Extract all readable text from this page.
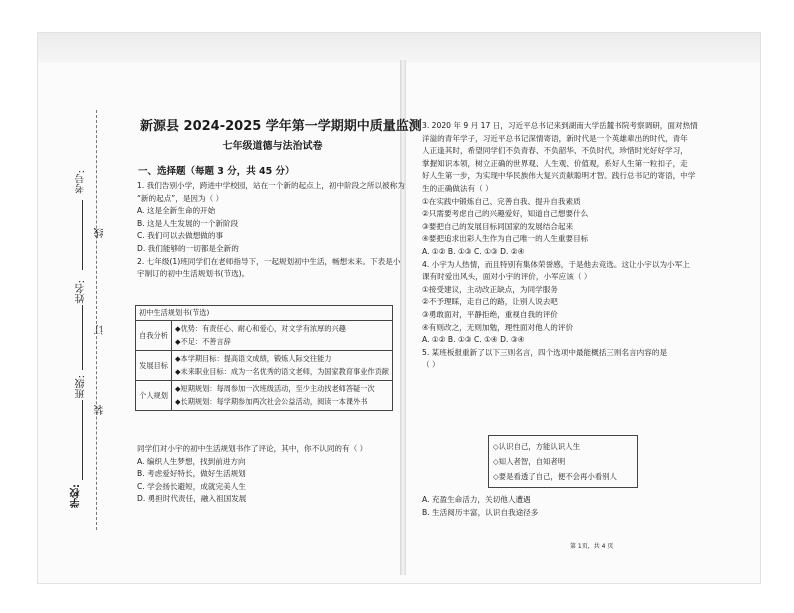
考号:
姓名:
班级:
学校:
线
订
装
新源县 2024-2025 学年第一学期期中质量监测
七年级道德与法治试卷
一、选择题（每题 3 分，共 45 分）

1. 我们告别小学，跨进中学校园，站在一个新的起点上，初中阶段之所以被称为

“新的起点”，是因为（ ）

A. 这是全新生命的开始

B. 这是人生发展的一个新阶段

C. 我们可以去做想做的事

D. 我们能够的一切都是全新的

2. 七年级(1)班同学们在老师指导下，一起规划初中生活，畅想未来。下表是小

宇制订的初中生活规划书(节选)。

初中生活规划书(节选)	
自我分析	◆优势：有责任心、耐心和爱心，对文学有浓厚的兴趣
◆不足：不善言辞

发展目标	◆本学期目标：提高语文成绩，锻炼人际交往能力
◆未来职业目标：成为一名优秀的语文老师，为国家教育事业作贡献

个人规划	◆短期规划：每周参加一次班级活动，至少主动找老师答疑一次
◆长期规划：每学期参加两次社会公益活动，阅读一本课外书

同学们对小宇的初中生活规划书作了评论，其中，你不认同的有（ ）

A. 编织人生梦想，找到前进方向

B. 考虑爱好特长，做好生活规划

C. 学会扬长避短，成就完美人生

D. 勇担时代责任，融入祖国发展

3. 2020 年 9 月 17 日，习近平总书记来到湖南大学岳麓书院考察调研，面对热情

洋溢的青年学子，习近平总书记深情寄语，新时代是一个英雄辈出的时代，青年

人正逢其时，希望同学们不负青春、不负韶华、不负时代，珍惜时光好好学习，

掌握知识本领，树立正确的世界观、人生观、价值观，系好人生第一粒扣子，走

好人生第一步，为实现中华民族伟大复兴贡献聪明才智。践行总书记的寄语，中学

生的正确做法有（ ）

①在实践中锻炼自己、完善自我、提升自我素质

②只需要考虑自己的兴趣爱好，知道自己想要什么

③要把自己的发展目标同国家的发展结合起来

④要把追求出彩人生作为自己唯一的人生重要目标

A. ①② B. ①③ C. ①③ D. ②④

4. 小宇为人热情，而且特别有集体荣誉感，于是他去竞选。这让小宇以为小军上

课有时爱出风头，面对小宇的评价，小军应该（ ）

①接受建议，主动改正缺点，为同学服务

②不予理睬，走自己的路，让别人说去吧

③勇敢面对，平静拒绝，重视自我的评价

④有则改之，无则加勉，理性面对他人的评价

A. ①② B. ①③ C. ①④ D. ③④

5. 某班板报重新了以下三则名言，四个选项中最能概括三则名言内容的是

（ ）

◇认识自己，方能认识人生

◇知人者智，自知者明

◇要是看透了自己，便不会再小看别人

A. 充盈生命活力，关切他人遭遇

B. 生活阅历丰富，认识自我途径多

第 1页，共 4 页
